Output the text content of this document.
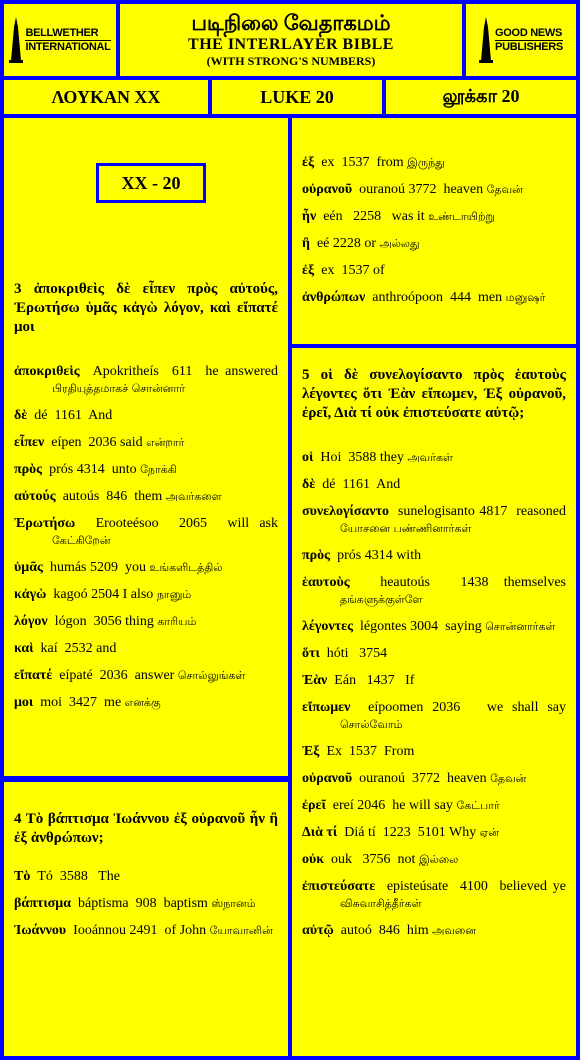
BELLWETHER
INTERNATIONAL
படிநிலை வேதாகமம்
THE INTERLAYER BIBLE
(WITH STRONG'S NUMBERS)
GOOD NEWS
PUBLISHERS
ΛΟΥΚΑΝ XX	LUKE 20	லூக்கா 20
XX - 20
3 ἀποκριθεὶς δὲ εἶπεν πρὸς αὐτούς, Ἐρωτήσω ὑμᾶς κἀγὼ λόγον, καὶ εἴπατέ μοι
ἀποκριθεὶς  Apokritheís  611  he answered பிரதியுத்தமாகச் சொன்னார்
δὲ  dé  1161  And
εἶπεν  eípen  2036 said என்றார்
πρὸς  prós 4314  unto நோக்கி
αὐτούς  autoús  846  them அவர்களை
Ἐρωτήσω  Erooteésoo  2065  will ask கேட்கிறேன்
ὑμᾶς  humás 5209  you உங்களிடத்தில்
κἀγὼ  kagoó 2504 I also நானும்
λόγον  lógon  3056 thing காரியம்
καὶ  kaí  2532 and
εἴπατέ  eípaté  2036  answer சொல்லுங்கள்
μοι  moi  3427  me எனக்கு
4 Τὸ βάπτισμα Ἰωάννου ἐξ οὐρανοῦ ἦν ἢ ἐξ ἀνθρώπων;
Τὸ  Tó  3588   The
βάπτισμα  báptisma  908  baptism ஸ்நானம்
Ἰωάννου  Iooánnou 2491  of John யோவானின்
ἐξ  ex  1537  from இருந்து
οὐρανοῦ  ouranoú 3772  heaven தேவன்
ἦν  eén   2258   was it உண்டாயிற்று
ἢ  eé 2228 or அல்லது
ἐξ  ex  1537 of
ἀνθρώπων  anthroópoon  444  men மனுஷர்
5 οἱ δὲ συνελογίσαντο πρὸς ἑαυτοὺς λέγοντες ὅτι Ἐὰν εἴπωμεν, Ἐξ οὐρανοῦ, ἐρεῖ, Διὰ τί οὐκ ἐπιστεύσατε αὐτῷ;
οἱ  Hoi  3588 they அவர்கள்
δὲ  dé  1161  And
συνελογίσαντο  sunelogisanto 4817  reasoned யோசனை பண்ணினார்கள்
πρὸς  prós 4314 with
ἑαυτοὺς  heautoús  1438 themselves தங்களுக்குள்ளே
λέγοντες  légontes 3004  saying சொன்னார்கள்
ὅτι  hóti   3754
Ἐὰν  Eán   1437   If
εἴπωμεν  eípoomen 2036   we shall say சொல்வோம்
Ἐξ  Ex  1537  From
οὐρανοῦ  ouranoú  3772  heaven தேவன்
ἐρεῖ  ereí 2046  he will say கேட்பார்
Διὰ τί  Diá tí  1223  5101 Why ஏன்
οὐκ  ouk   3756  not இல்லை
ἐπιστεύσατε  episteúsate  4100  believed ye விசுவாசித்தீர்கள்
αὐτῷ  autoó  846  him அவனை
